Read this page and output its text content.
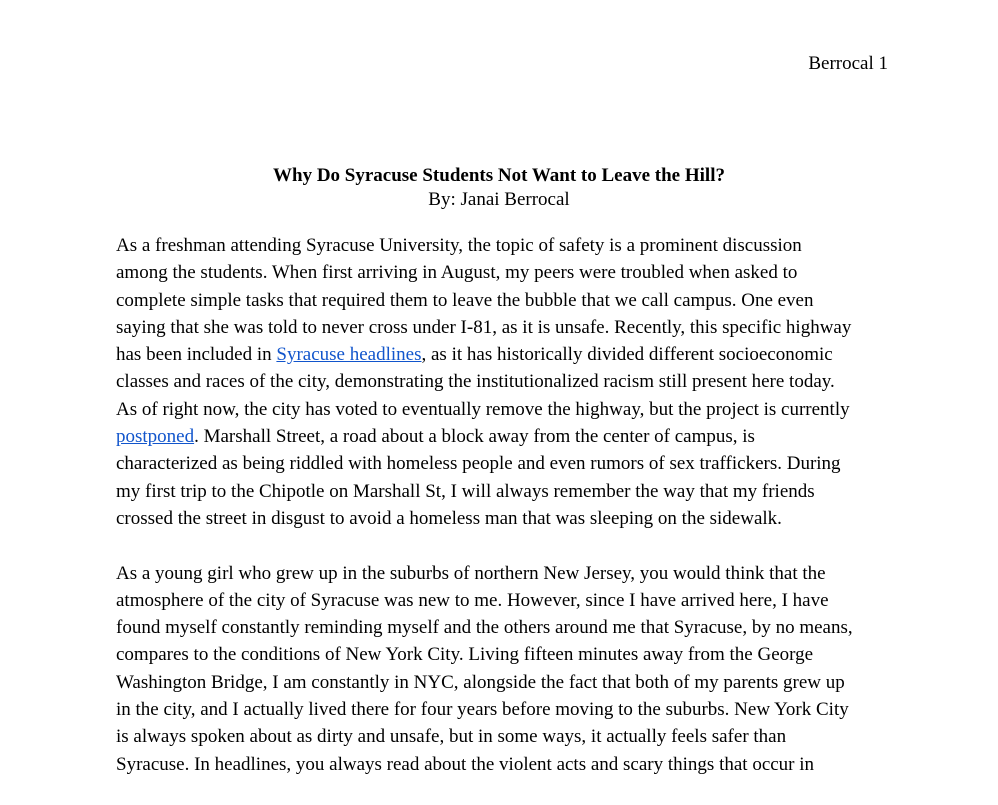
Berrocal 1
Why Do Syracuse Students Not Want to Leave the Hill?
By: Janai Berrocal
As a freshman attending Syracuse University, the topic of safety is a prominent discussion
among the students. When first arriving in August, my peers were troubled when asked to
complete simple tasks that required them to leave the bubble that we call campus. One even
saying that she was told to never cross under I-81, as it is unsafe. Recently, this specific highway
has been included in Syracuse headlines, as it has historically divided different socioeconomic
classes and races of the city, demonstrating the institutionalized racism still present here today.
As of right now, the city has voted to eventually remove the highway, but the project is currently
postponed. Marshall Street, a road about a block away from the center of campus, is
characterized as being riddled with homeless people and even rumors of sex traffickers. During
my first trip to the Chipotle on Marshall St, I will always remember the way that my friends
crossed the street in disgust to avoid a homeless man that was sleeping on the sidewalk.
As a young girl who grew up in the suburbs of northern New Jersey, you would think that the
atmosphere of the city of Syracuse was new to me. However, since I have arrived here, I have
found myself constantly reminding myself and the others around me that Syracuse, by no means,
compares to the conditions of New York City. Living fifteen minutes away from the George
Washington Bridge, I am constantly in NYC, alongside the fact that both of my parents grew up
in the city, and I actually lived there for four years before moving to the suburbs. New York City
is always spoken about as dirty and unsafe, but in some ways, it actually feels safer than
Syracuse. In headlines, you always read about the violent acts and scary things that occur in
